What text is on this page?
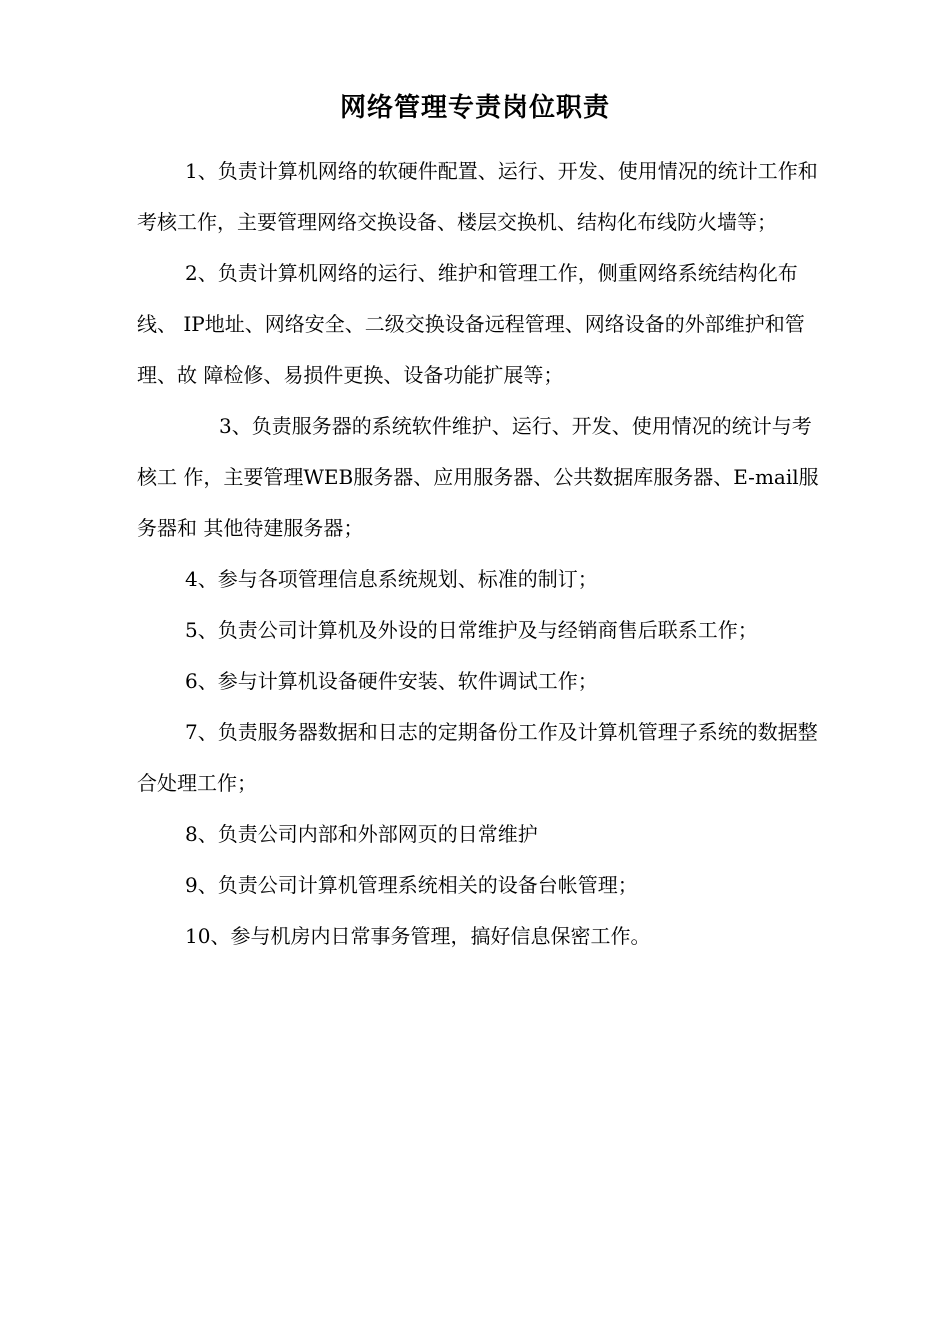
网络管理专责岗位职责

1、负责计算机网络的软硬件配置、运行、开发、使用情况的统计工作和 考核工作，主要管理网络交换设备、楼层交换机、结构化布线防火墙等；

2、负责计算机网络的运行、维护和管理工作，侧重网络系统结构化布线、 IP地址、网络安全、二级交换设备远程管理、网络设备的外部维护和管理、故 障检修、易损件更换、设备功能扩展等；

3、负责服务器的系统软件维护、运行、开发、使用情况的统计与考核工 作，主要管理WEB服务器、应用服务器、公共数据库服务器、E-mail服务器和 其他待建服务器；

4、参与各项管理信息系统规划、标准的制订；

5、负责公司计算机及外设的日常维护及与经销商售后联系工作；

6、参与计算机设备硬件安装、软件调试工作；

7、负责服务器数据和日志的定期备份工作及计算机管理子系统的数据整 合处理工作；

8、负责公司内部和外部网页的日常维护

9、负责公司计算机管理系统相关的设备台帐管理；

10、参与机房内日常事务管理，搞好信息保密工作。
